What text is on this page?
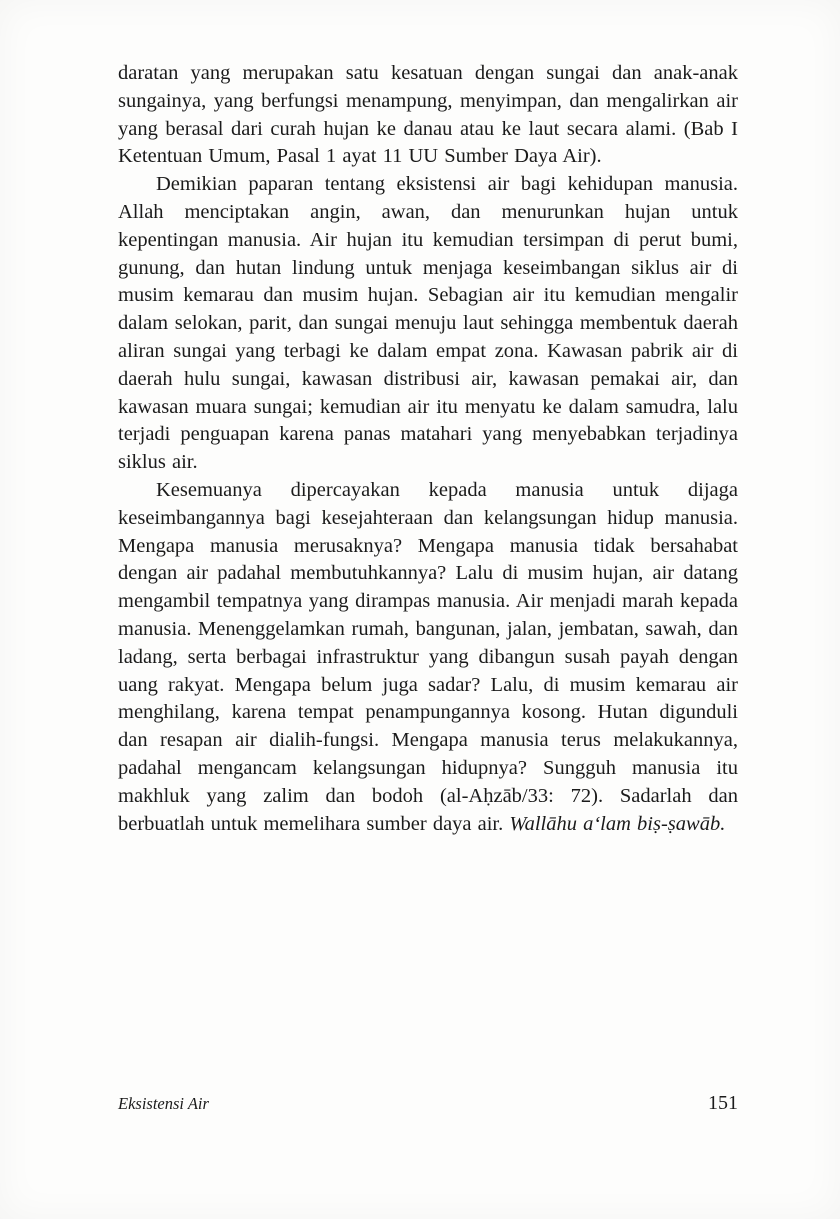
daratan yang merupakan satu kesatuan dengan sungai dan anak-anak sungainya, yang berfungsi menampung, menyimpan, dan mengalirkan air yang berasal dari curah hujan ke danau atau ke laut secara alami. (Bab I Ketentuan Umum, Pasal 1 ayat 11 UU Sumber Daya Air).

Demikian paparan tentang eksistensi air bagi kehidupan manusia. Allah menciptakan angin, awan, dan menurunkan hujan untuk kepentingan manusia. Air hujan itu kemudian tersimpan di perut bumi, gunung, dan hutan lindung untuk menjaga keseimbangan siklus air di musim kemarau dan musim hujan. Sebagian air itu kemudian mengalir dalam selokan, parit, dan sungai menuju laut sehingga membentuk daerah aliran sungai yang terbagi ke dalam empat zona. Kawasan pabrik air di daerah hulu sungai, kawasan distribusi air, kawasan pemakai air, dan kawasan muara sungai; kemudian air itu menyatu ke dalam samudra, lalu terjadi penguapan karena panas matahari yang menyebabkan terjadinya siklus air.

Kesemuanya dipercayakan kepada manusia untuk dijaga keseimbangannya bagi kesejahteraan dan kelangsungan hidup manusia. Mengapa manusia merusaknya? Mengapa manusia tidak bersahabat dengan air padahal membutuhkannya? Lalu di musim hujan, air datang mengambil tempatnya yang dirampas manusia. Air menjadi marah kepada manusia. Menenggelamkan rumah, bangunan, jalan, jembatan, sawah, dan ladang, serta berbagai infrastruktur yang dibangun susah payah dengan uang rakyat. Mengapa belum juga sadar? Lalu, di musim kemarau air menghilang, karena tempat penampungannya kosong. Hutan digunduli dan resapan air dialih-fungsi. Mengapa manusia terus melakukannya, padahal mengancam kelangsungan hidupnya? Sungguh manusia itu makhluk yang zalim dan bodoh (al-Aḥzāb/33: 72). Sadarlah dan berbuatlah untuk memelihara sumber daya air. Wallāhu a‘lam biṣ-ṣawāb.

Eksistensi Air	151
